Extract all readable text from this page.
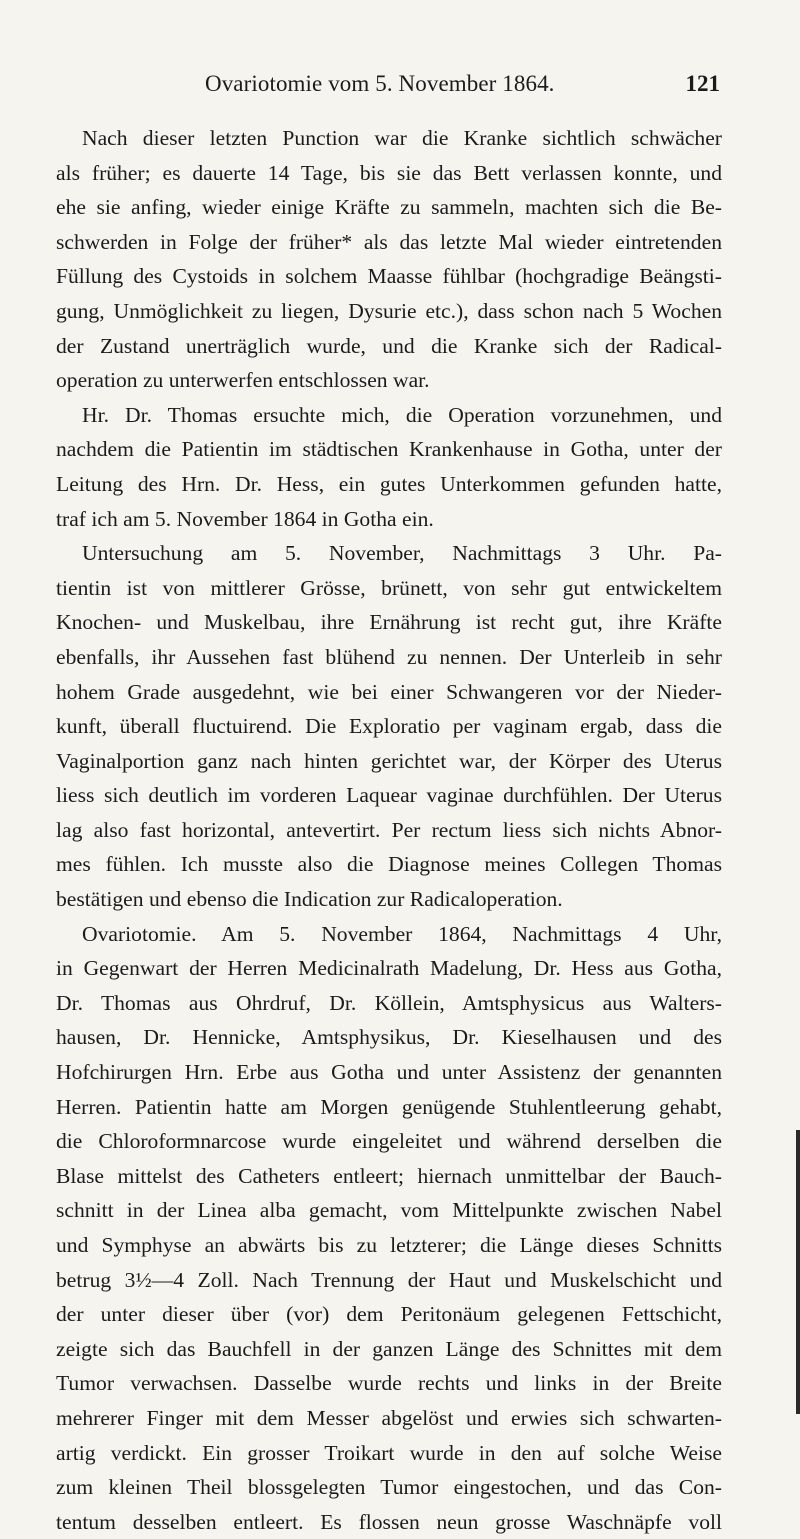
Ovariotomie vom 5. November 1864.	121
Nach dieser letzten Punction war die Kranke sichtlich schwächer
als früher; es dauerte 14 Tage, bis sie das Bett verlassen konnte, und
ehe sie anfing, wieder einige Kräfte zu sammeln, machten sich die Be-
schwerden in Folge der früher* als das letzte Mal wieder eintretenden
Füllung des Cystoids in solchem Maasse fühlbar (hochgradige Beängsti-
gung, Unmöglichkeit zu liegen, Dysurie etc.), dass schon nach 5 Wochen
der Zustand unerträglich wurde, und die Kranke sich der Radical-
operation zu unterwerfen entschlossen war.
Hr. Dr. Thomas ersuchte mich, die Operation vorzunehmen, und
nachdem die Patientin im städtischen Krankenhause in Gotha, unter der
Leitung des Hrn. Dr. Hess, ein gutes Unterkommen gefunden hatte,
traf ich am 5. November 1864 in Gotha ein.
Untersuchung am 5. November, Nachmittags 3 Uhr. Pa-
tientin ist von mittlerer Grösse, brünett, von sehr gut entwickeltem
Knochen- und Muskelbau, ihre Ernährung ist recht gut, ihre Kräfte
ebenfalls, ihr Aussehen fast blühend zu nennen. Der Unterleib in sehr
hohem Grade ausgedehnt, wie bei einer Schwangeren vor der Nieder-
kunft, überall fluctuirend. Die Exploratio per vaginam ergab, dass die
Vaginalportion ganz nach hinten gerichtet war, der Körper des Uterus
liess sich deutlich im vorderen Laquear vaginae durchfühlen. Der Uterus
lag also fast horizontal, antevertirt. Per rectum liess sich nichts Abnor-
mes fühlen. Ich musste also die Diagnose meines Collegen Thomas
bestätigen und ebenso die Indication zur Radicaloperation.
Ovariotomie. Am 5. November 1864, Nachmittags 4 Uhr,
in Gegenwart der Herren Medicinalrath Madelung, Dr. Hess aus Gotha,
Dr. Thomas aus Ohrdruf, Dr. Köllein, Amtsphysicus aus Walters-
hausen, Dr. Hennicke, Amtsphysikus, Dr. Kieselhausen und des
Hofchirurgen Hrn. Erbe aus Gotha und unter Assistenz der genannten
Herren. Patientin hatte am Morgen genügende Stuhlentleerung gehabt,
die Chloroformnarcose wurde eingeleitet und während derselben die
Blase mittelst des Catheters entleert; hiernach unmittelbar der Bauch-
schnitt in der Linea alba gemacht, vom Mittelpunkte zwischen Nabel
und Symphyse an abwärts bis zu letzterer; die Länge dieses Schnitts
betrug 3½—4 Zoll. Nach Trennung der Haut und Muskelschicht und
der unter dieser über (vor) dem Peritonäum gelegenen Fettschicht,
zeigte sich das Bauchfell in der ganzen Länge des Schnittes mit dem
Tumor verwachsen. Dasselbe wurde rechts und links in der Breite
mehrerer Finger mit dem Messer abgelöst und erwies sich schwarten-
artig verdickt. Ein grosser Troikart wurde in den auf solche Weise
zum kleinen Theil blossgelegten Tumor eingestochen, und das Con-
tentum desselben entleert. Es flossen neun grosse Waschnäpfe voll
